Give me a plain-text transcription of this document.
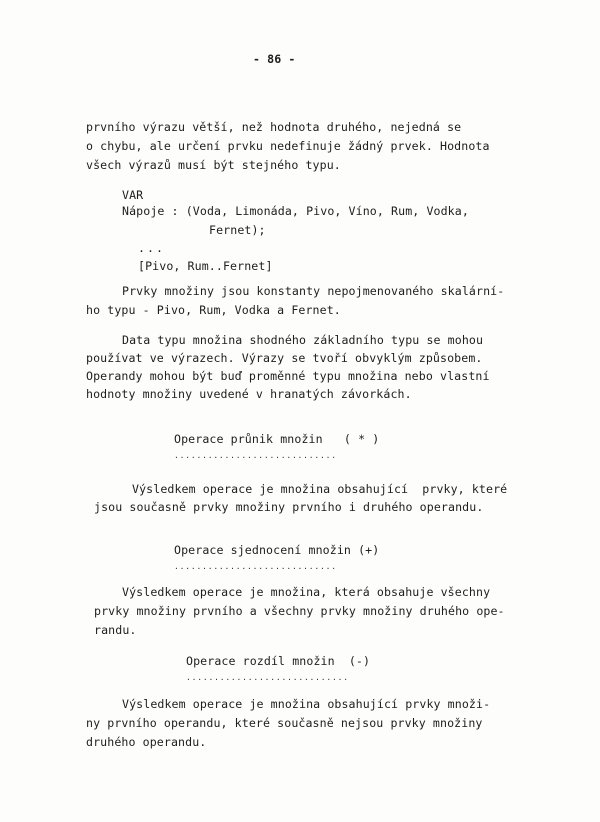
- 86 -
prvního výrazu větší, než hodnota druhého, nejedná se
o chybu, ale určení prvku nedefinuje žádný prvek. Hodnota
všech výrazů musí být stejného typu.
VAR
Nápoje : (Voda, Limonáda, Pivo, Víno, Rum, Vodka,
Fernet);
...
[Pivo, Rum..Fernet]
Prvky množiny jsou konstanty nepojmenovaného skalární-
ho typu - Pivo, Rum, Vodka a Fernet.
Data typu množina shodného základního typu se mohou
používat ve výrazech. Výrazy se tvoří obvyklým způsobem.
Operandy mohou být buď proměnné typu množina nebo vlastní
hodnoty množiny uvedené v hranatých závorkách.
Operace průnik množin   ( * )
.............................
Výsledkem operace je množina obsahující  prvky, které
jsou současně prvky množiny prvního i druhého operandu.
Operace sjednocení množin (+)
.............................
Výsledkem operace je množina, která obsahuje všechny
prvky množiny prvního a všechny prvky množiny druhého ope-
randu.
Operace rozdíl množin  (-)
.............................
Výsledkem operace je množina obsahující prvky množi-
ny prvního operandu, které současně nejsou prvky množiny
druhého operandu.
